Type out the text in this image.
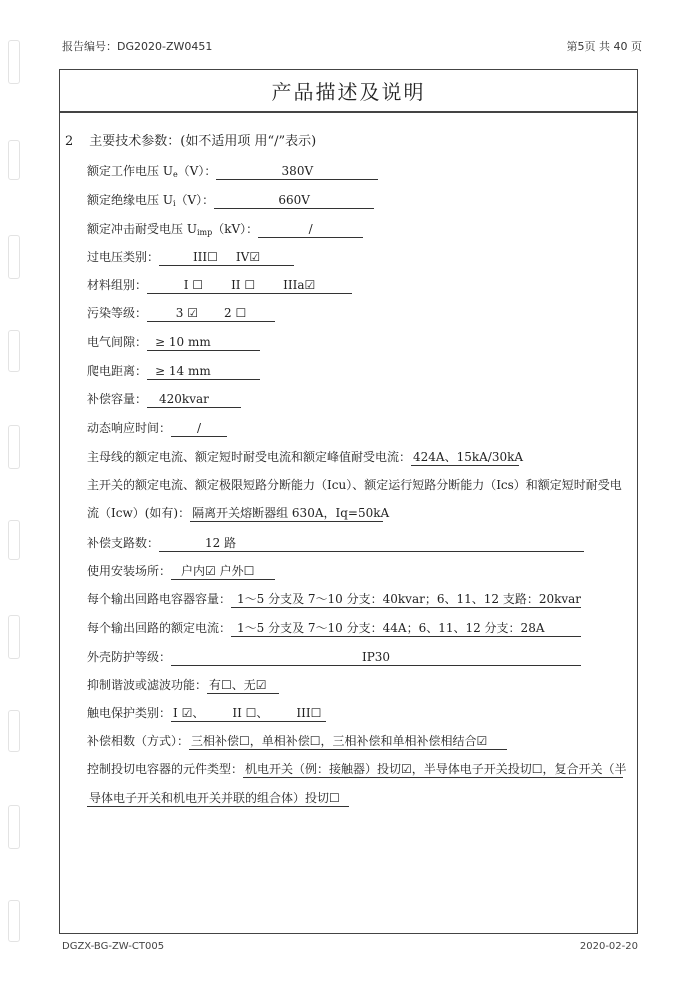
报告编号：DG2020-ZW0451	第5页 共 40 页
产品描述及说明
2 主要技术参数：(如不适用项 用“/”表示)
额定工作电压 $U_e(V)$：	380V
额定绝缘电压 $U_i(V)$：	660V
额定冲击耐受电压 $U_{imp}(kV)$：	/
过电压类别：	III☐ IV☑
材料组别：	I ☐ II ☐ IIIa☑
污染等级： 3 ☑ 2 ☐
电气间隙： ≥ 10 mm
爬电距离： ≥ 14 mm
补偿容量： 420kvar
动态响应时间： /
主母线的额定电流、额定短时耐受电流和额定峰值耐受电流： 424A、15kA/30kA
主开关的额定电流、额定极限短路分断能力（Icu）、额定运行短路分断能力（Ics）和额定短时耐受电
流（Icw）(如有)： 隔离开关熔断器组 630A，Iq=50kA
补偿支路数：	12 路
使用安装场所： 户内☑ 户外☐
每个输出回路电容器容量： 1～5 分支及 7～10 分支：40kvar；6、11、12 支路：20kvar
每个输出回路的额定电流： 1～5 分支及 7～10 分支：44A；6、11、12 分支：28A
外壳防护等级：	IP30
抑制谐波或滤波功能： 有☐、无☑
触电保护类别： I ☑、 II ☐、 III☐
补偿相数（方式）： 三相补偿☐，单相补偿☐，三相补偿和单相补偿相结合☑
控制投切电容器的元件类型： 机电开关（例：接触器）投切☑，半导体电子开关投切☐，复合开关（半
导体电子开关和机电开关并联的组合体）投切☐
DGZX-BG-ZW-CT005	2020-02-20
